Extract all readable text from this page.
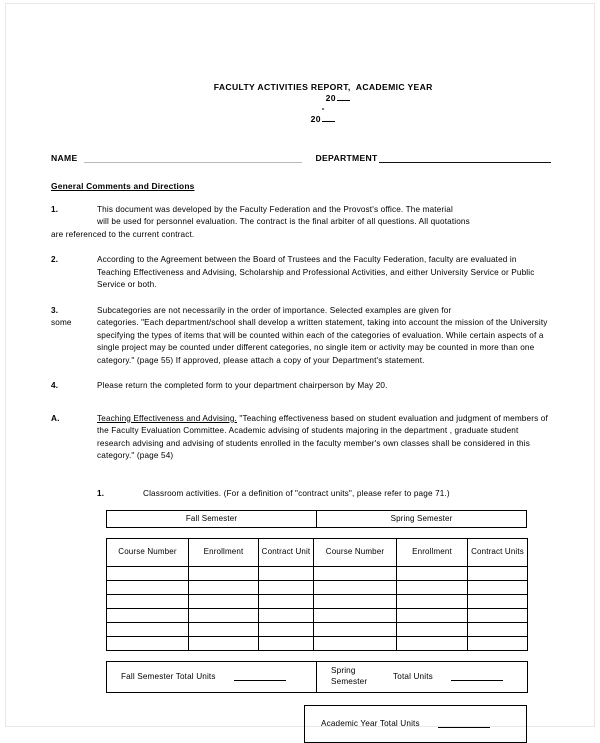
FACULTY ACTIVITIES REPORT,  ACADEMIC YEAR
20
-
20

NAME	DEPARTMENT
General Comments and Directions
1.	This document was developed by the Faculty Federation and the Provost's office. The material
will be used for personnel evaluation. The contract is the final arbiter of all questions. All quotations
are referenced to the current contract.
2.	According to the Agreement between the Board of Trustees and the Faculty Federation, faculty are evaluated in Teaching Effectiveness and Advising, Scholarship and Professional Activities, and either University Service or Public Service or both.
3.
some
Subcategories are not necessarily in the order of importance. Selected examples are given for
categories. "Each department/school shall develop a written statement, taking into account the mission of the University specifying the types of items that will be counted within each of the categories of evaluation. While certain aspects of a single project may be counted under different categories, no single item or activity may be counted in more than one category." (page 55) If approved, please attach a copy of your Department's statement.
4.	Please return the completed form to your department chairperson by May 20.
A.	Teaching Effectiveness and Advising. "Teaching effectiveness based on student evaluation and judgment of members of the Faculty Evaluation Committee. Academic advising of students majoring in the department , graduate student research advising and advising of students enrolled in the faculty member's own classes shall be considered in this category." (page 54)
1.	Classroom activities. (For a definition of "contract units", please refer to page 71.)
Fall Semester	Spring Semester
Course Number	Enrollment	Contract Unit	Course Number	Enrollment	Contract Units

Fall Semester Total Units

Spring Semester	Total Units
Academic Year Total Units
